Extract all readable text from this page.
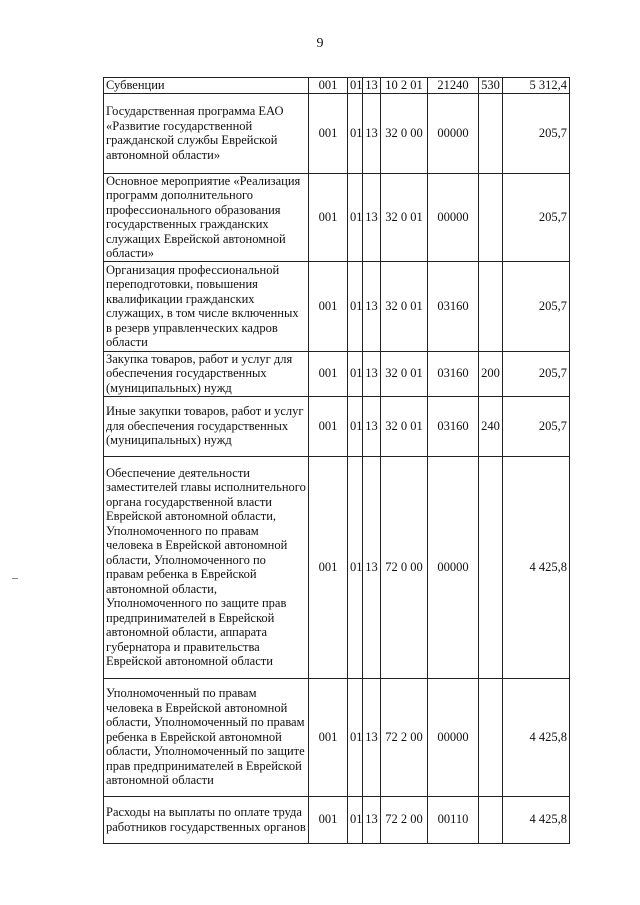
9
Субвенции	001	01	13	10 2 01	21240	530	5 312,4
Государственная программа ЕАО «Развитие государственной гражданской службы Еврейской автономной области»	001	01	13	32 0 00	00000		205,7
Основное мероприятие «Реализация программ дополнительного профессионального образования государственных гражданских служащих Еврейской автономной области»	001	01	13	32 0 01	00000		205,7
Организация профессиональной переподготовки, повышения квалификации гражданских служащих, в том числе включенных в резерв управленческих кадров области	001	01	13	32 0 01	03160		205,7
Закупка товаров, работ и услуг для обеспечения государственных (муниципальных) нужд	001	01	13	32 0 01	03160	200	205,7
Иные закупки товаров, работ и услуг для обеспечения государственных (муниципальных) нужд	001	01	13	32 0 01	03160	240	205,7
Обеспечение деятельности заместителей главы исполнительного органа государственной власти Еврейской автономной области, Уполномоченного по правам человека в Еврейской автономной области, Уполномоченного по правам ребенка в Еврейской автономной области, Уполномоченного по защите прав предпринимателей в Еврейской автономной области, аппарата губернатора и правительства Еврейской автономной области	001	01	13	72 0 00	00000		4 425,8
Уполномоченный по правам человека в Еврейской автономной области, Уполномоченный по правам ребенка в Еврейской автономной области, Уполномоченный по защите прав предпринимателей в Еврейской автономной области	001	01	13	72 2 00	00000		4 425,8
Расходы на выплаты по оплате труда работников государственных органов	001	01	13	72 2 00	00110		4 425,8
